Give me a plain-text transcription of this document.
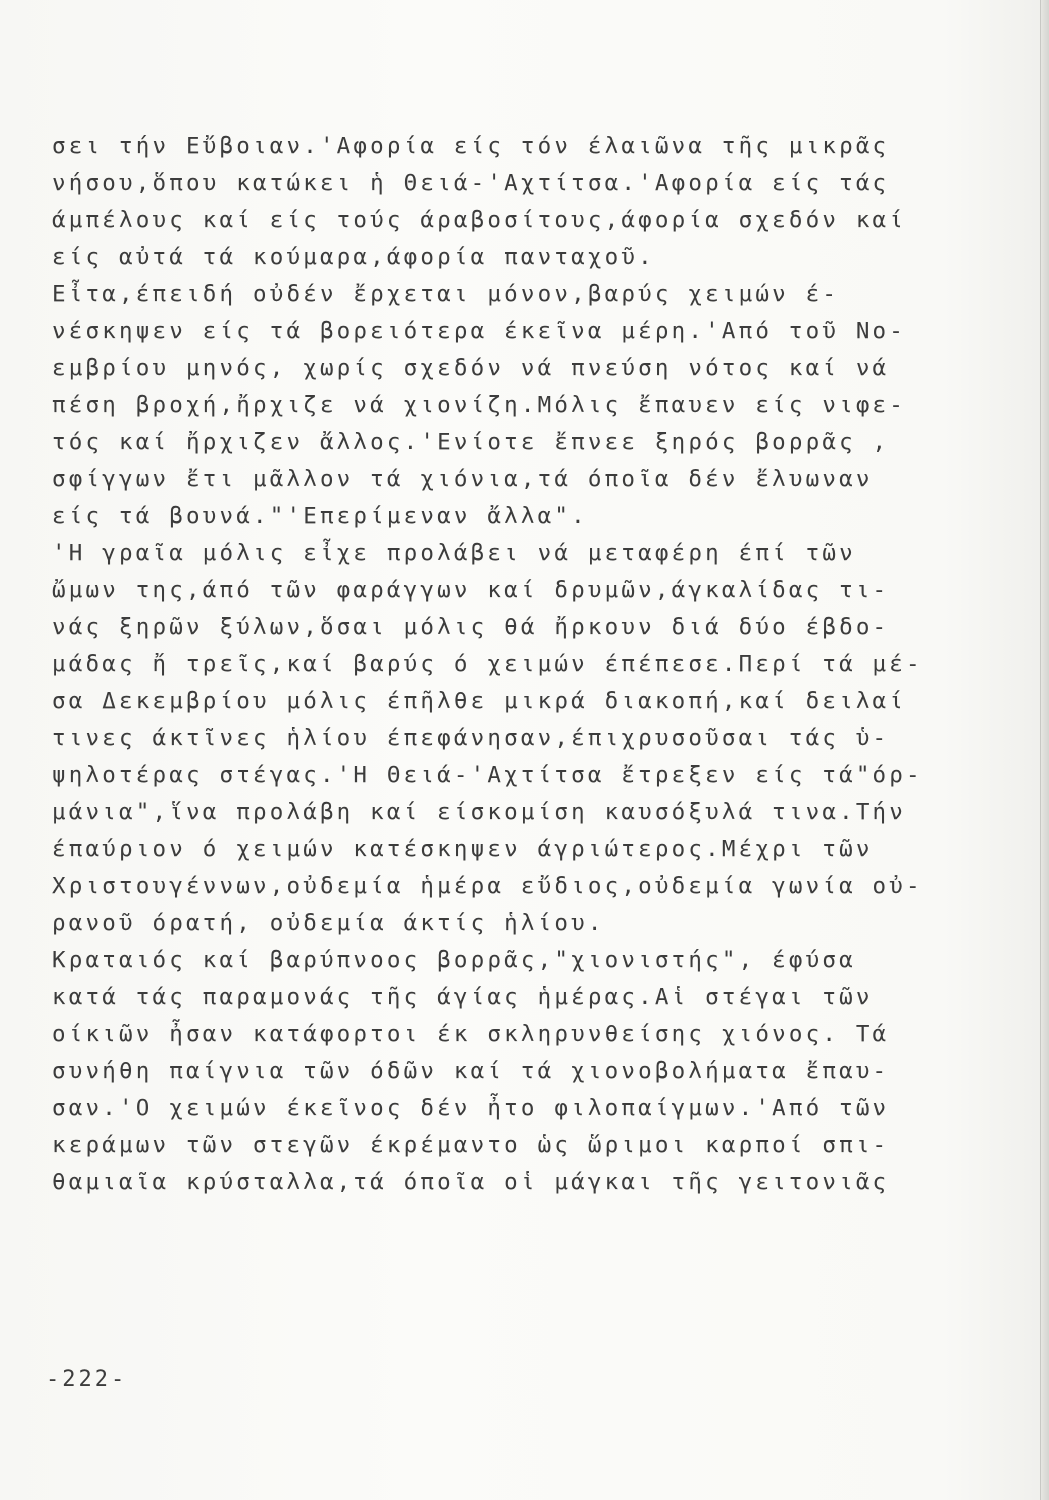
σει τήν Εὔβοιαν.'Αφορία είς τόν έλαιῶνα τῆς μικρᾶς
νήσου,ὅπου κατώκει ἡ Θειά-'Αχτίτσα.'Αφορία είς τάς
άμπέλους καί είς τούς άραβοσίτους,άφορία σχεδόν καί
είς αὐτά τά κούμαρα,άφορία πανταχοῦ.
Εἶτα,έπειδή οὐδέν ἔρχεται μόνον,βαρύς χειμών έ-
νέσκηψεν είς τά βορειότερα έκεῖνα μέρη.'Από τοῦ Νο-
εμβρίου μηνός, χωρίς σχεδόν νά πνεύση νότος καί νά
πέση βροχή,ἤρχιζε νά χιονίζη.Μόλις ἔπαυεν είς νιφε-
τός καί ἤρχιζεν ἄλλος.'Ενίοτε ἔπνεε ξηρός βορρᾶς ,
σφίγγων ἔτι μᾶλλον τά χιόνια,τά όποῖα δέν ἔλυωναν
είς τά βουνά."'Επερίμεναν ἄλλα".
'Η γραῖα μόλις εἶχε προλάβει νά μεταφέρη έπί τῶν
ὤμων της,άπό τῶν φαράγγων καί δρυμῶν,άγκαλίδας τι-
νάς ξηρῶν ξύλων,ὅσαι μόλις θά ἤρκουν διά δύο έβδο-
μάδας ἤ τρεῖς,καί βαρύς ό χειμών έπέπεσε.Περί τά μέ-
σα Δεκεμβρίου μόλις έπῆλθε μικρά διακοπή,καί δειλαί
τινες άκτῖνες ἡλίου έπεφάνησαν,έπιχρυσοῦσαι τάς ὑ-
ψηλοτέρας στέγας.'Η Θειά-'Αχτίτσα ἔτρεξεν είς τά"όρ-
μάνια",ἵνα προλάβη καί είσκομίση καυσόξυλά τινα.Τήν
έπαύριον ό χειμών κατέσκηψεν άγριώτερος.Μέχρι τῶν
Χριστουγέννων,οὐδεμία ἡμέρα εὔδιος,οὐδεμία γωνία οὐ-
ρανοῦ όρατή, οὐδεμία άκτίς ἡλίου.
Κραταιός καί βαρύπνοος βορρᾶς,"χιονιστής", έφύσα
κατά τάς παραμονάς τῆς άγίας ἡμέρας.Αἱ στέγαι τῶν
οίκιῶν ἦσαν κατάφορτοι έκ σκληρυνθείσης χιόνος. Τά
συνήθη παίγνια τῶν όδῶν καί τά χιονοβολήματα ἔπαυ-
σαν.'Ο χειμών έκεῖνος δέν ἦτο φιλοπαίγμων.'Από τῶν
κεράμων τῶν στεγῶν έκρέμαντο ὡς ὥριμοι καρποί σπι-
θαμιαῖα κρύσταλλα,τά όποῖα οἱ μάγκαι τῆς γειτονιᾶς
-222-
